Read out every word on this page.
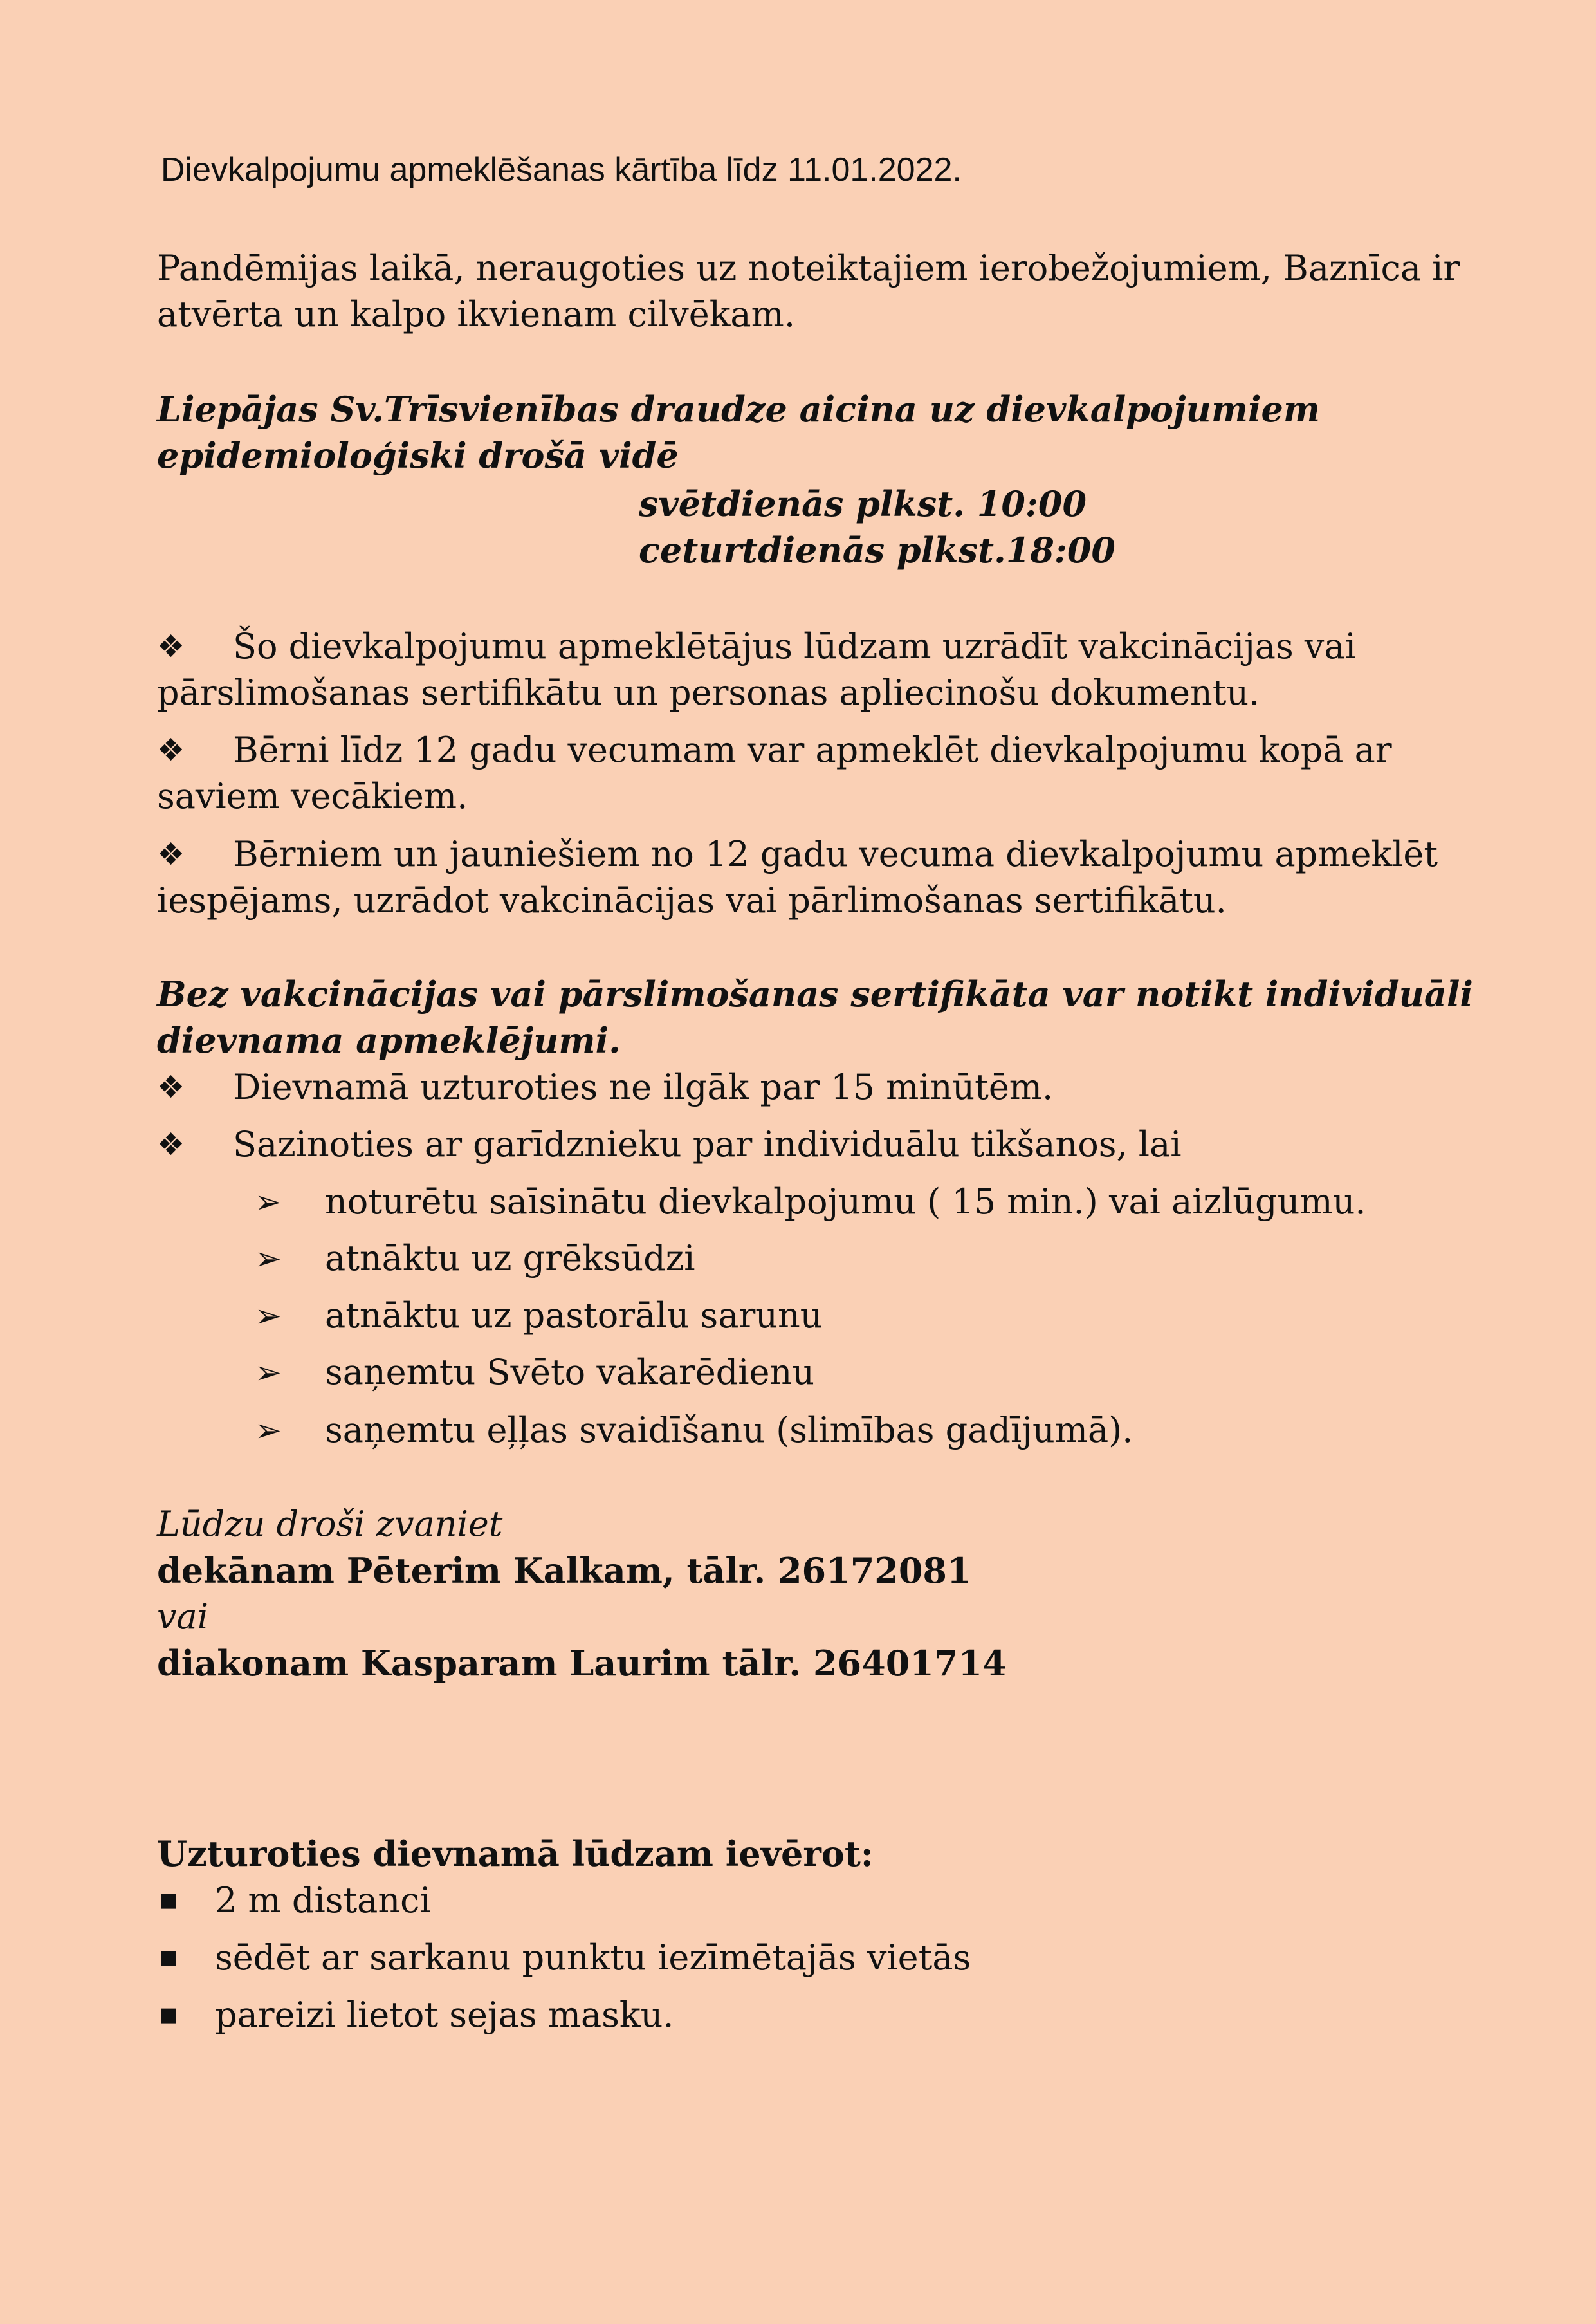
Dievkalpojumu apmeklēšanas kārtība līdz 11.01.2022.
Pandēmijas laikā, neraugoties uz noteiktajiem ierobežojumiem, Baznīca ir
atvērta un kalpo ikvienam cilvēkam.
Liepājas Sv.Trīsvienības draudze aicina uz dievkalpojumiem
epidemioloģiski drošā vidē
svētdienās plkst. 10:00
ceturtdienās plkst.18:00
❖ Šo dievkalpojumu apmeklētājus lūdzam uzrādīt vakcinācijas vai
pārslimošanas sertifikātu un personas apliecinošu dokumentu.
❖ Bērni līdz 12 gadu vecumam var apmeklēt dievkalpojumu kopā ar
saviem vecākiem.
❖ Bērniem un jauniešiem no 12 gadu vecuma dievkalpojumu apmeklēt
iespējams, uzrādot vakcinācijas vai pārlimošanas sertifikātu.
Bez vakcinācijas vai pārslimošanas sertifikāta var notikt individuāli
dievnama apmeklējumi.
❖ Dievnamā uzturoties ne ilgāk par 15 minūtēm.
❖ Sazinoties ar garīdznieku par individuālu tikšanos, lai
➢ noturētu saīsinātu dievkalpojumu ( 15 min.) vai aizlūgumu.
➢ atnāktu uz grēksūdzi
➢ atnāktu uz pastorālu sarunu
➢ saņemtu Svēto vakarēdienu
➢ saņemtu eļļas svaidīšanu (slimības gadījumā).
Lūdzu droši zvaniet
dekānam Pēterim Kalkam, tālr. 26172081
vai
diakonam Kasparam Laurim tālr. 26401714
Uzturoties dievnamā lūdzam ievērot:
■ 2 m distanci
■ sēdēt ar sarkanu punktu iezīmētajās vietās
■ pareizi lietot sejas masku.
